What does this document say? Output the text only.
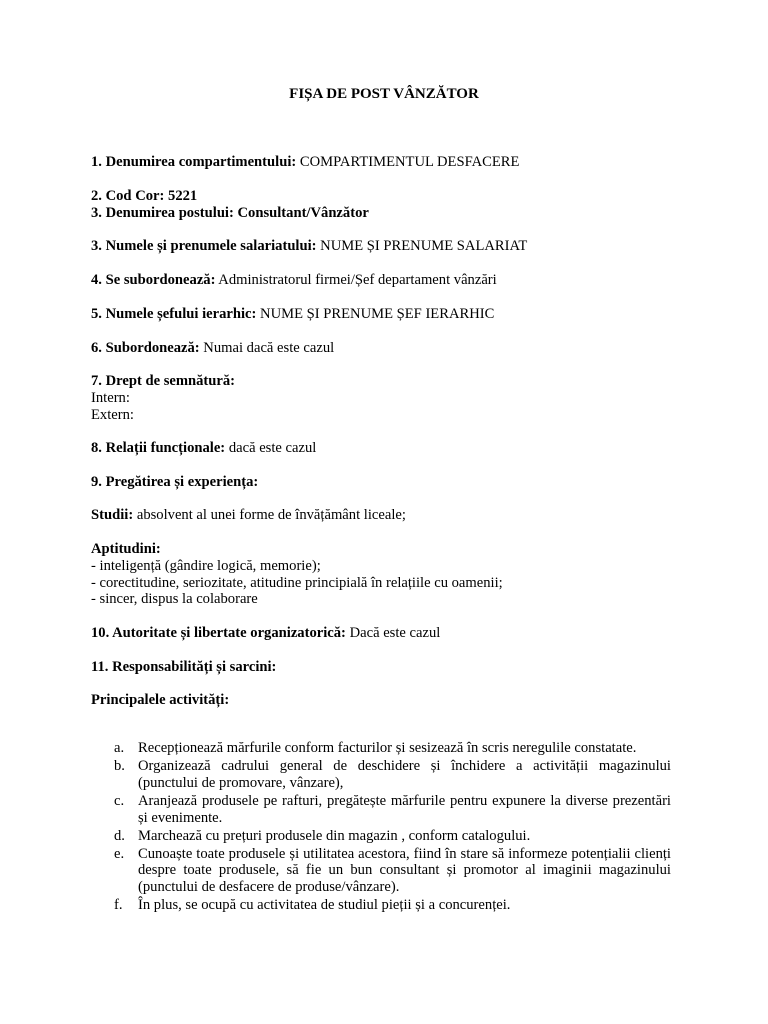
FIȘA DE POST VÂNZĂTOR
1. Denumirea compartimentului: COMPARTIMENTUL DESFACERE
2. Cod Cor: 5221
3. Denumirea postului: Consultant/Vânzător
3. Numele și prenumele salariatului: NUME ȘI PRENUME SALARIAT
4. Se subordonează: Administratorul firmei/Șef departament vânzări
5. Numele șefului ierarhic: NUME ȘI PRENUME ȘEF IERARHIC
6. Subordonează: Numai dacă este cazul
7. Drept de semnătură:
Intern:
Extern:
8. Relații funcționale: dacă este cazul
9. Pregătirea și experiența:
Studii: absolvent al unei forme de învățământ liceale;
Aptitudini:
- inteligență (gândire logică, memorie);
- corectitudine, seriozitate, atitudine principială în relațiile cu oamenii;
- sincer, dispus la colaborare
10. Autoritate și libertate organizatorică: Dacă este cazul
11. Responsabilități și sarcini:
Principalele activități:
a. Recepționează mărfurile conform facturilor și sesizează în scris neregulile constatate.
b. Organizează cadrului general de deschidere și închidere a activității magazinului (punctului de promovare, vânzare),
c. Aranjează produsele pe rafturi, pregătește mărfurile pentru expunere la diverse prezentări și evenimente.
d. Marchează cu prețuri produsele din magazin , conform catalogului.
e. Cunoaște toate produsele și utilitatea acestora, fiind în stare să informeze potențialii clienți despre toate produsele, să fie un bun consultant și promotor al imaginii magazinului (punctului de desfacere de produse/vânzare).
f.	În plus, se ocupă cu activitatea de studiul pieții și a concurenței.
